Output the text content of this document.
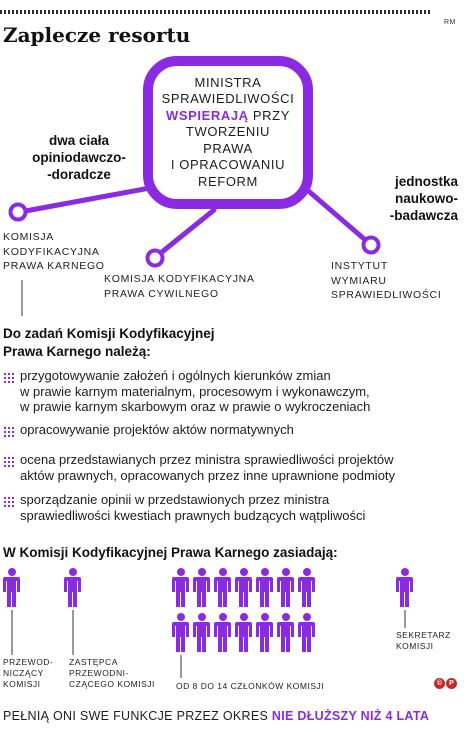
RM
Zaplecze resortu
MINISTRA
SPRAWIEDLIWOŚCI
WSPIERAJĄ PRZY
TWORZENIU
PRAWA
I OPRACOWANIU
REFORM
dwa ciała
opiniodawczo-
-doradcze	jednostka
naukowo-
-badawcza
KOMISJA
KODYFIKACYJNA
PRAWA KARNEGO
KOMISJA KODYFIKACYJNA
PRAWA CYWILNEGO
INSTYTUT
WYMIARU
SPRAWIEDLIWOŚCI
Do zadań Komisji Kodyfikacyjnej
Prawa Karnego należą:
przygotowywanie założeń i ogólnych kierunków zmian
w prawie karnym materialnym, procesowym i wykonawczym,
w prawie karnym skarbowym oraz w prawie o wykroczeniach
opracowywanie projektów aktów normatywnych
ocena przedstawianych przez ministra sprawiedliwości projektów
aktów prawnych, opracowanych przez inne uprawnione podmioty
sporządzanie opinii w przedstawionych przez ministra
sprawiedliwości kwestiach prawnych budzących wątpliwości
W Komisji Kodyfikacyjnej Prawa Karnego zasiadają:
PRZEWOD-
NICZĄCY
KOMISJI
ZASTĘPCA
PRZEWODNI-
CZĄCEGO KOMISJI OD 8 DO 14 CZŁONKÓW KOMISJI
SEKRETARZ
KOMISJI
©	P
PEŁNIĄ ONI SWE FUNKCJE PRZEZ OKRES NIE DŁUŻSZY NIŻ 4 LATA
